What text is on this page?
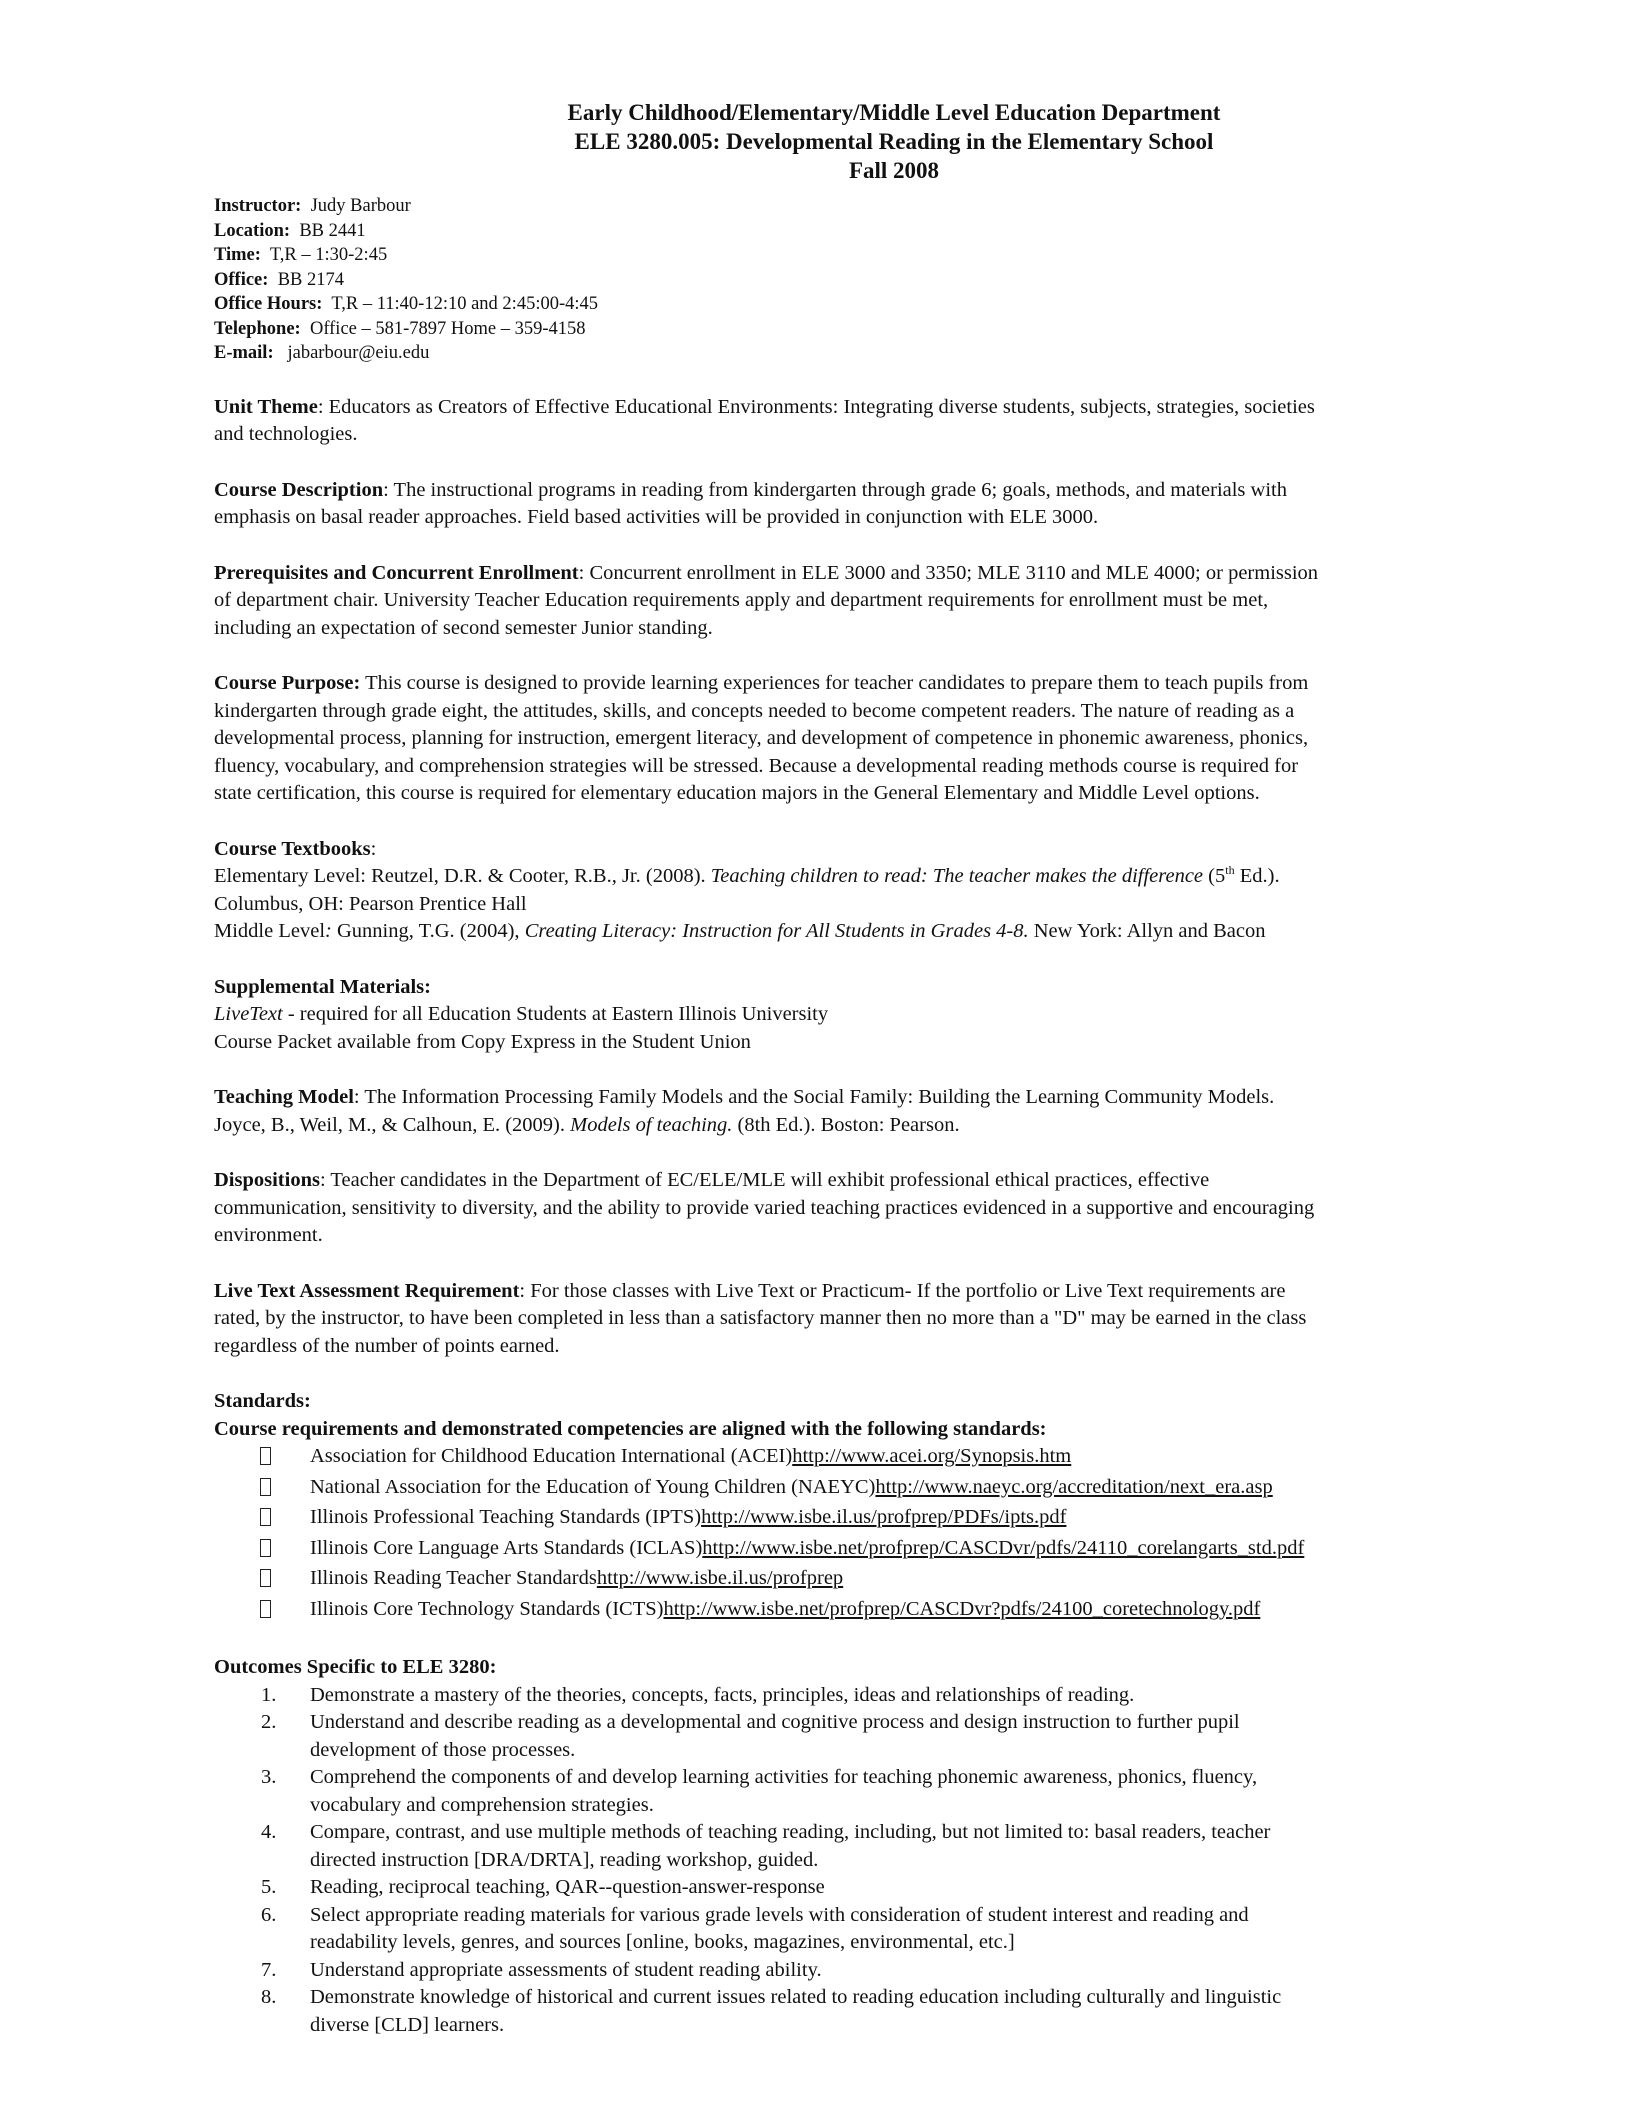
Early Childhood/Elementary/Middle Level Education Department
ELE 3280.005: Developmental Reading in the Elementary School
Fall 2008
Instructor: Judy Barbour
Location: BB 2441
Time: T,R – 1:30-2:45
Office: BB 2174
Office Hours: T,R – 11:40-12:10 and 2:45:00-4:45
Telephone: Office – 581-7897 Home – 359-4158
E-mail: jabarbour@eiu.edu
Unit Theme: Educators as Creators of Effective Educational Environments: Integrating diverse students, subjects, strategies, societies
and technologies.
Course Description: The instructional programs in reading from kindergarten through grade 6; goals, methods, and materials with
emphasis on basal reader approaches. Field based activities will be provided in conjunction with ELE 3000.
Prerequisites and Concurrent Enrollment: Concurrent enrollment in ELE 3000 and 3350; MLE 3110 and MLE 4000; or permission
of department chair. University Teacher Education requirements apply and department requirements for enrollment must be met,
including an expectation of second semester Junior standing.
Course Purpose: This course is designed to provide learning experiences for teacher candidates to prepare them to teach pupils from
kindergarten through grade eight, the attitudes, skills, and concepts needed to become competent readers. The nature of reading as a
developmental process, planning for instruction, emergent literacy, and development of competence in phonemic awareness, phonics,
fluency, vocabulary, and comprehension strategies will be stressed. Because a developmental reading methods course is required for
state certification, this course is required for elementary education majors in the General Elementary and Middle Level options.
Course Textbooks:
Elementary Level: Reutzel, D.R. & Cooter, R.B., Jr. (2008). Teaching children to read: The teacher makes the difference (5th Ed.).
Columbus, OH: Pearson Prentice Hall
Middle Level: Gunning, T.G. (2004), Creating Literacy: Instruction for All Students in Grades 4-8. New York: Allyn and Bacon
Supplemental Materials:
LiveText - required for all Education Students at Eastern Illinois University
Course Packet available from Copy Express in the Student Union
Teaching Model: The Information Processing Family Models and the Social Family: Building the Learning Community Models.
Joyce, B., Weil, M., & Calhoun, E. (2009). Models of teaching. (8th Ed.). Boston: Pearson.
Dispositions: Teacher candidates in the Department of EC/ELE/MLE will exhibit professional ethical practices, effective
communication, sensitivity to diversity, and the ability to provide varied teaching practices evidenced in a supportive and encouraging
environment.
Live Text Assessment Requirement: For those classes with Live Text or Practicum- If the portfolio or Live Text requirements are
rated, by the instructor, to have been completed in less than a satisfactory manner then no more than a "D" may be earned in the class
regardless of the number of points earned.
Standards:
Course requirements and demonstrated competencies are aligned with the following standards:
Association for Childhood Education International (ACEI) http://www.acei.org/Synopsis.htm
National Association for the Education of Young Children (NAEYC) http://www.naeyc.org/accreditation/next_era.asp
Illinois Professional Teaching Standards (IPTS) http://www.isbe.il.us/profprep/PDFs/ipts.pdf
Illinois Core Language Arts Standards (ICLAS) http://www.isbe.net/profprep/CASCDvr/pdfs/24110_corelangarts_std.pdf
Illinois Reading Teacher Standards http://www.isbe.il.us/profprep
Illinois Core Technology Standards (ICTS) http://www.isbe.net/profprep/CASCDvr?pdfs/24100_coretechnology.pdf
Outcomes Specific to ELE 3280:
1.	Demonstrate a mastery of the theories, concepts, facts, principles, ideas and relationships of reading.
2.	Understand and describe reading as a developmental and cognitive process and design instruction to further pupil
development of those processes.
3.	Comprehend the components of and develop learning activities for teaching phonemic awareness, phonics, fluency,
vocabulary and comprehension strategies.
4.	Compare, contrast, and use multiple methods of teaching reading, including, but not limited to: basal readers, teacher
directed instruction [DRA/DRTA], reading workshop, guided.
5.	Reading, reciprocal teaching, QAR--question-answer-response
6.	Select appropriate reading materials for various grade levels with consideration of student interest and reading and
readability levels, genres, and sources [online, books, magazines, environmental, etc.]
7.	Understand appropriate assessments of student reading ability.
8.	Demonstrate knowledge of historical and current issues related to reading education including culturally and linguistic
diverse [CLD] learners.
